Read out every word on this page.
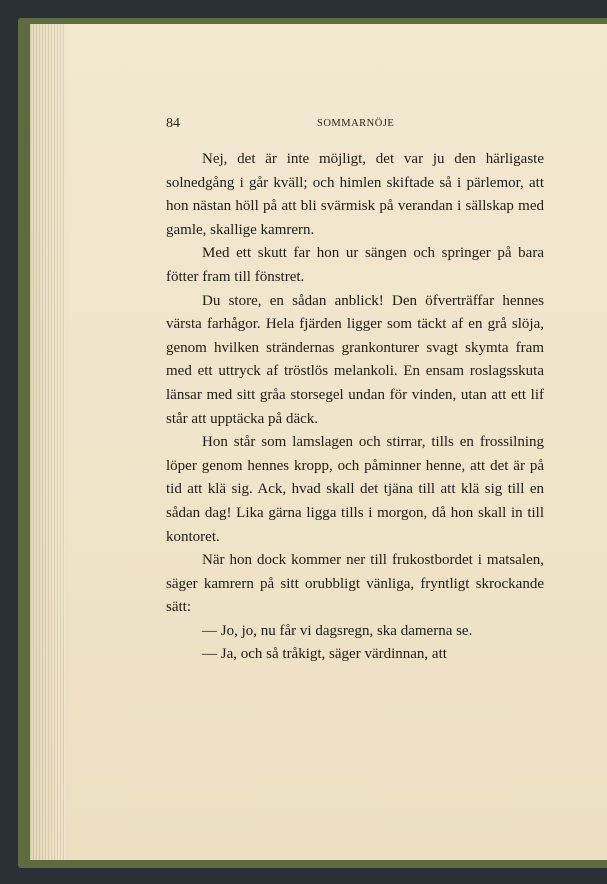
84	SOMMARNÖJE

Nej, det är inte möjligt, det var ju den härligaste solnedgång i går kväll; och himlen skiftade så i pärlemor, att hon nästan höll på att bli svärmisk på verandan i sällskap med gamle, skallige kamrern.

Med ett skutt far hon ur sängen och springer på bara fötter fram till fönstret.

Du store, en sådan anblick! Den öfverträffar hennes värsta farhågor. Hela fjärden ligger som täckt af en grå slöja, genom hvilken strändernas grankonturer svagt skymta fram med ett uttryck af tröstlös melankoli. En ensam roslagsskuta länsar med sitt gråa storsegel undan för vinden, utan att ett lif står att upptäcka på däck.

Hon står som lamslagen och stirrar, tills en frossilning löper genom hennes kropp, och påminner henne, att det är på tid att klä sig. Ack, hvad skall det tjäna till att klä sig till en sådan dag! Lika gärna ligga tills i morgon, då hon skall in till kontoret.

När hon dock kommer ner till frukostbordet i matsalen, säger kamrern på sitt orubbligt vänliga, fryntligt skrockande sätt:

— Jo, jo, nu får vi dagsregn, ska damerna se.

— Ja, och så tråkigt, säger värdinnan, att
